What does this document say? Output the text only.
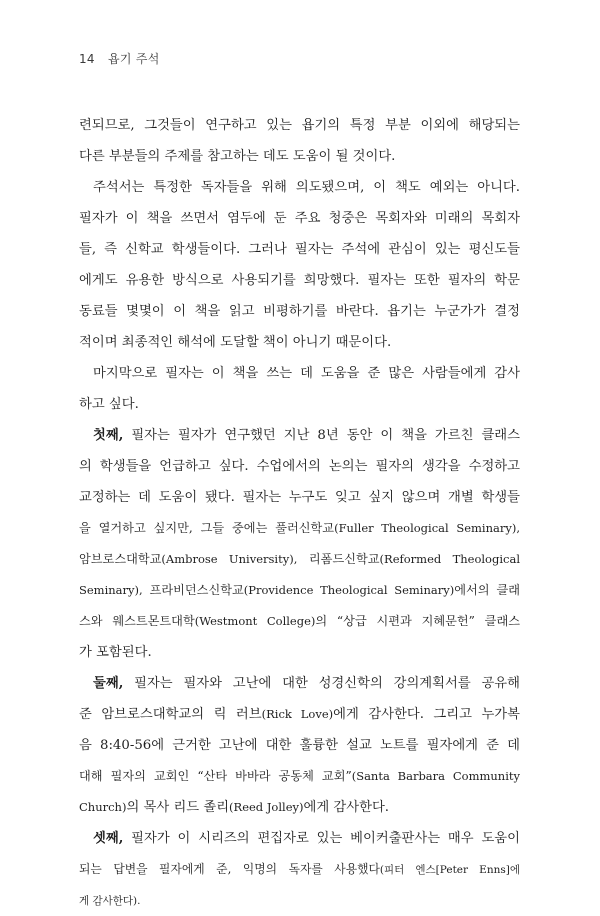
14 욥기 주석
련되므로, 그것들이 연구하고 있는 욥기의 특정 부분 이외에 해당되는
다른 부분들의 주제를 참고하는 데도 도움이 될 것이다.
주석서는 특정한 독자들을 위해 의도됐으며, 이 책도 예외는 아니다.
필자가 이 책을 쓰면서 염두에 둔 주요 청중은 목회자와 미래의 목회자
들, 즉 신학교 학생들이다. 그러나 필자는 주석에 관심이 있는 평신도들
에게도 유용한 방식으로 사용되기를 희망했다. 필자는 또한 필자의 학문
동료들 몇몇이 이 책을 읽고 비평하기를 바란다. 욥기는 누군가가 결정
적이며 최종적인 해석에 도달할 책이 아니기 때문이다.
마지막으로 필자는 이 책을 쓰는 데 도움을 준 많은 사람들에게 감사
하고 싶다.
첫째, 필자는 필자가 연구했던 지난 8년 동안 이 책을 가르친 클래스
의 학생들을 언급하고 싶다. 수업에서의 논의는 필자의 생각을 수정하고
교정하는 데 도움이 됐다. 필자는 누구도 잊고 싶지 않으며 개별 학생들
을 열거하고 싶지만, 그들 중에는 풀러신학교(Fuller Theological Seminary),
암브로스대학교(Ambrose University), 리폼드신학교(Reformed Theological
Seminary), 프라비던스신학교(Providence Theological Seminary)에서의 클래
스와 웨스트몬트대학(Westmont College)의 “상급 시편과 지혜문헌” 클래스
가 포함된다.
둘째, 필자는 필자와 고난에 대한 성경신학의 강의계획서를 공유해
준 암브로스대학교의 릭 러브(Rick Love)에게 감사한다. 그리고 누가복
음 8:40-56에 근거한 고난에 대한 훌륭한 설교 노트를 필자에게 준 데
대해 필자의 교회인 “산타 바바라 공동체 교회”(Santa Barbara Community
Church)의 목사 리드 졸리(Reed Jolley)에게 감사한다.
셋째, 필자가 이 시리즈의 편집자로 있는 베이커출판사는 매우 도움이
되는 답변을 필자에게 준, 익명의 독자를 사용했다(피터 엔스[Peter Enns]에
게 감사한다).
